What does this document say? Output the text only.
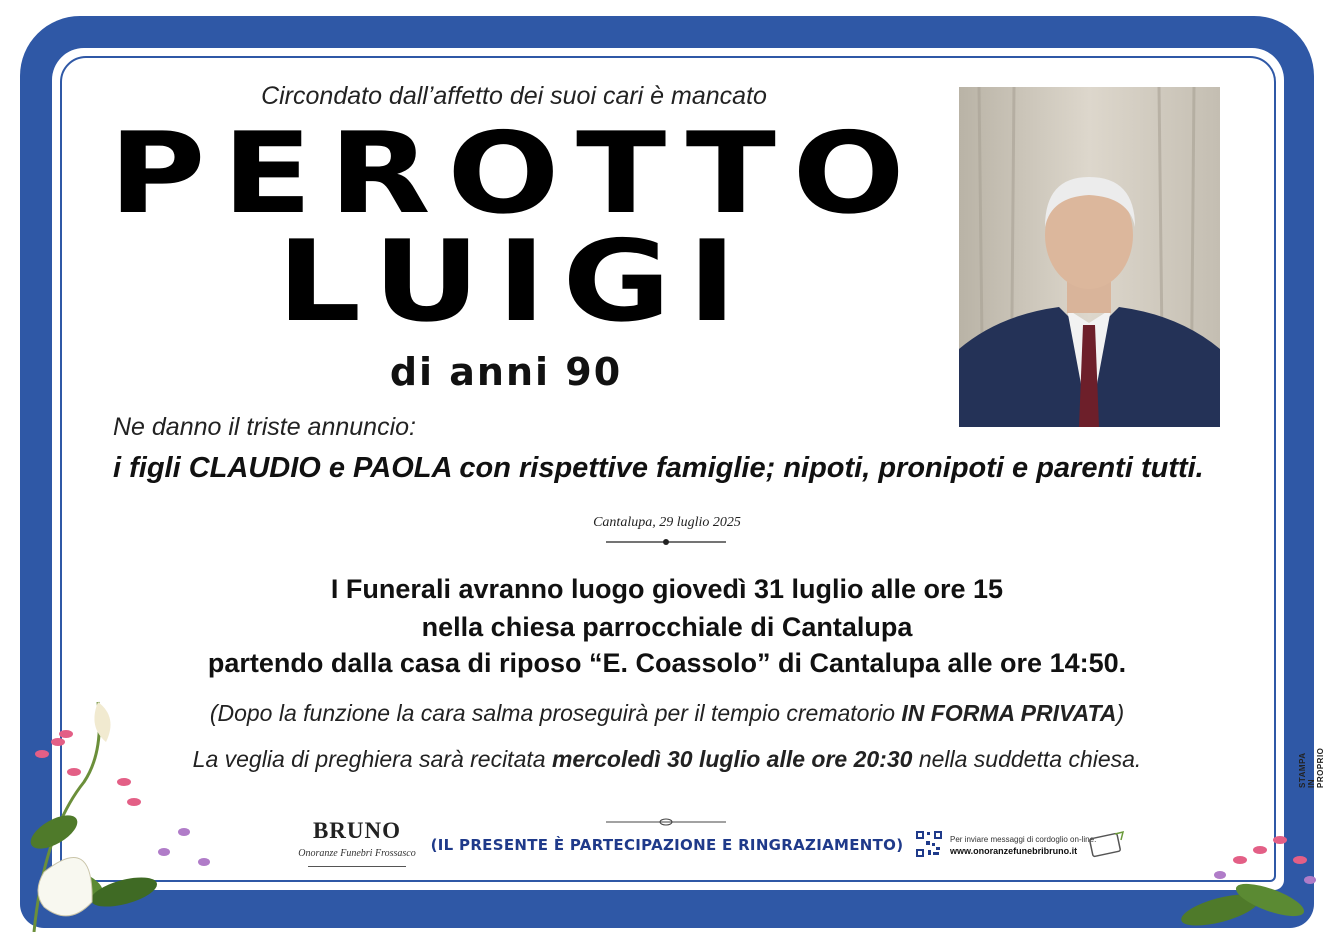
Circondato dall’affetto dei suoi cari è mancato
PEROTTO
LUIGI
di anni 90
Ne danno il triste annuncio:
i figli CLAUDIO e PAOLA con rispettive famiglie; nipoti, pronipoti e parenti tutti.
Cantalupa, 29 luglio 2025
I Funerali avranno luogo giovedì 31 luglio alle ore 15
nella chiesa parrocchiale di Cantalupa
partendo dalla casa di riposo “E. Coassolo” di Cantalupa alle ore 14:50.
(Dopo la funzione la cara salma proseguirà per il tempio crematorio IN FORMA PRIVATA)
La veglia di preghiera sarà recitata mercoledì 30 luglio alle ore 20:30 nella suddetta chiesa.
BRUNO
Onoranze Funebri Frossasco (IL PRESENTE È PARTECIPAZIONE E RINGRAZIAMENTO)	Per inviare messaggi di cordoglio on-line:
www.onoranzefunebribruno.it
STAMPA IN PROPRIO
